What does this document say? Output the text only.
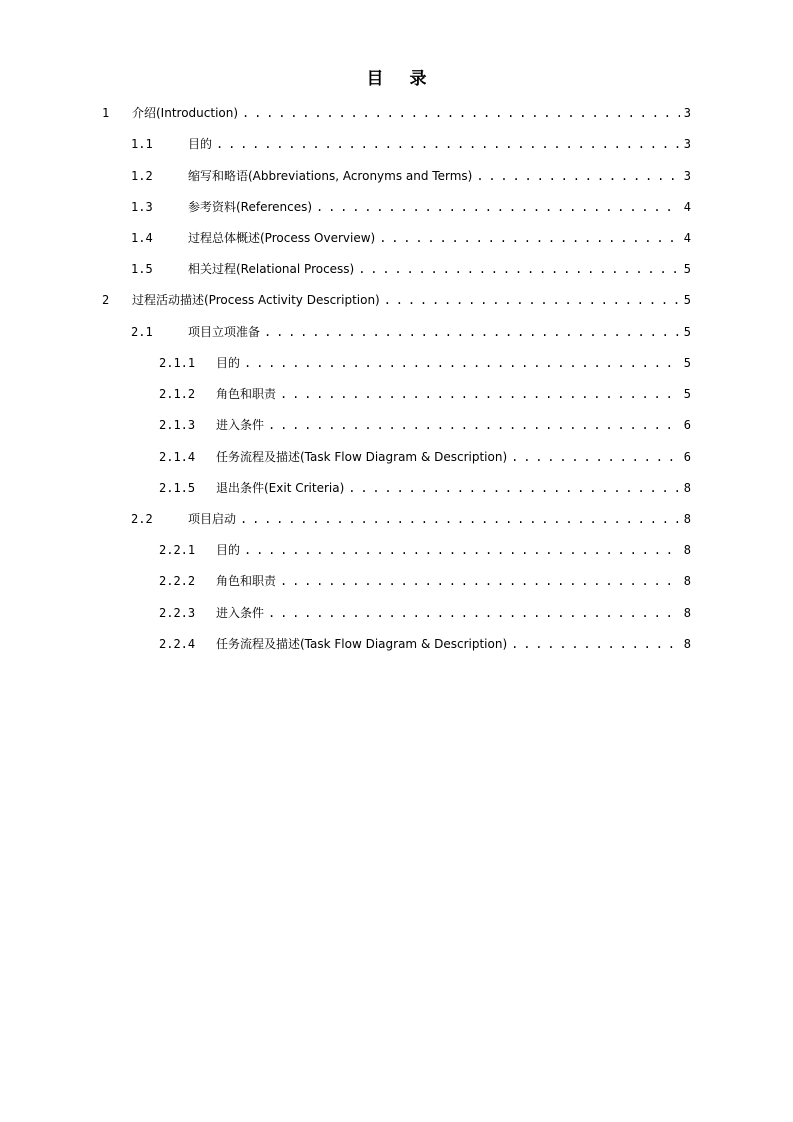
目 录
1	介绍(Introduction) . . .	3
1.1	目的 . . .	3
1.2	缩写和略语(Abbreviations, Acronyms and Terms) . . .	3
1.3	参考资料(References) . . .	4
1.4	过程总体概述(Process Overview) . . .	4
1.5	相关过程(Relational Process) . . .	5
2	过程活动描述(Process Activity Description) . . .	5
2.1	项目立项准备 . . .	5
2.1.1	目的 . . .	5
2.1.2	角色和职责 . . .	5
2.1.3	进入条件 . . .	6
2.1.4	任务流程及描述(Task Flow Diagram & Description) . . .	6
2.1.5	退出条件(Exit Criteria) . . .	8
2.2	项目启动 . . .	8
2.2.1	目的 . . .	8
2.2.2	角色和职责 . . .	8
2.2.3	进入条件 . . .	8
2.2.4	任务流程及描述(Task Flow Diagram & Description) . . .	8
